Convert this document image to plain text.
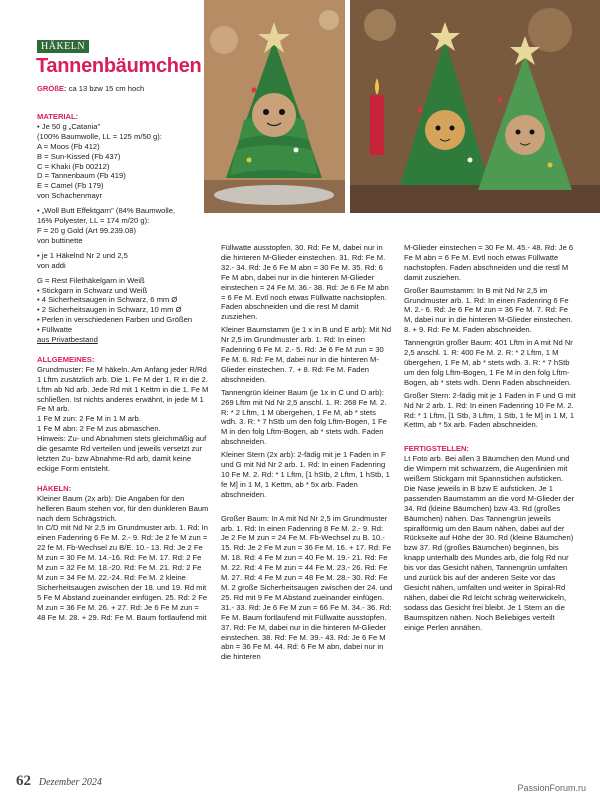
HÄKELN
Tannenbäumchen
GRÖßE: ca 13 bzw 15 cm hoch
MATERIAL:

• Je 50 g „Catania"

(100% Baumwolle, LL = 125 m/50 g):

A = Moos (Fb 412)

B = Sun-Kissed (Fb 437)

C = Khaki (Fb 00212)

D = Tannenbaum (Fb 419)

E = Camel (Fb 179)

von Schachenmayr

• „Woll Butt Effektgarn" (84% Baumwolle,

16% Polyester, LL = 174 m/20 g):

F = 20 g Gold (Art 99.239.08)

von buttinette

• je 1 Häkelnd Nr 2 und 2,5

von addi

G = Rest Filethäkelgarn in Weiß

• Stickgarn in Schwarz und Weiß

• 4 Sicherheitsaugen in Schwarz, 6 mm Ø

• 2 Sicherheitsaugen in Schwarz, 10 mm Ø

• Perlen in verschiedenen Farben und Größen

• Füllwatte

aus Privatbestand

ALLGEMEINES:

Grundmuster: Fe M häkeln. Am Anfang jeder R/Rd 1 Lftm zusätzlich arb. Die 1. Fe M der 1. R in die 2. Lftm ab Nd arb. Jede Rd mit 1 Kettm in die 1. Fe M schließen. Ist nichts anderes erwähnt, in jede M 1 Fe M arb.

1 Fe M zun: 2 Fe M in 1 M arb.

1 Fe M abn: 2 Fe M zus abmaschen.

Hinweis: Zu- und Abnahmen stets gleichmäßig auf die gesamte Rd verteilen und jeweils versetzt zur letzten Zu- bzw Abnahme-Rd arb, damit keine eckige Form entsteht.

HÄKELN:

Kleiner Baum (2x arb): Die Angaben für den helleren Baum stehen vor, für den dunkleren Baum nach dem Schrägstrich.

In C/D mit Nd Nr 2,5 im Grundmuster arb. 1. Rd: In einen Fadenring 6 Fe M. 2.- 9. Rd: Je 2 fe M zun = 22 fe M. Fb-Wechsel zu B/E. 10.- 13. Rd: Je 2 Fe M zun = 30 Fe M. 14.-16. Rd: Fe M. 17. Rd: 2 Fe M zun = 32 Fe M. 18.-20. Rd: Fe M. 21. Rd: 2 Fe M zun = 34 Fe M. 22.-24. Rd: Fe M. 2 kleine Sicherheitsaugen zwischen der 18. und 19. Rd mit 5 Fe M Abstand zueinander einfügen. 25. Rd: 2 Fe M zun = 36 Fe M. 26. + 27. Rd: Je 6 Fe M zun = 48 Fe M. 28. + 29. Rd: Fe M. Baum fortlaufend mit

Füllwatte ausstopfen. 30. Rd: Fe M, dabei nur in die hinteren M-Glieder einstechen. 31. Rd: Fe M. 32.- 34. Rd: Je 6 Fe M abn = 30 Fe M. 35. Rd: 6 Fe M abn, dabei nur in die hinteren M-Glieder einstechen = 24 Fe M. 36.- 38. Rd: Je 6 Fe M abn = 6 Fe M. Evtl noch etwas Füllwatte nachstopfen. Faden abschneiden und die rest M damit zusziehen.

Kleiner Baumstamm (je 1 x in B und E arb): Mit Nd Nr 2,5 im Grundmuster arb. 1. Rd: In einen Fadenring 6 Fe M. 2.- 5. Rd: Je 6 Fe M zun = 30 Fe M. 6. Rd: Fe M, dabei nur in die hinteren M-Glieder einstechen. 7. + 8. Rd: Fe M. Faden abschneiden.

Tannengrün kleiner Baum (je 1x in C und D arb): 269 Lftm mit Nd Nr 2,5 anschl. 1. R: 268 Fe M. 2. R: * 2 Lftm, 1 M übergehen, 1 Fe M, ab * stets wdh. 3. R: * 7 hStb um den folg Lftm-Bogen, 1 Fe M in den folg Lftm-Bogen, ab * stets wdh. Faden abschneiden.

Kleiner Stern (2x arb): 2-fädig mit je 1 Faden in F und G mit Nd Nr 2 arb. 1. Rd: In einen Fadenring 10 Fe M. 2. Rd: * 1 Lftm, [1 hStb, 2 Lftm, 1 hStb, 1 fe M] in 1 M, 1 Kettm, ab * 5x arb. Faden abschneiden.

Großer Baum: In A mit Nd Nr 2,5 im Grundmuster arb. 1. Rd: In einen Fadenring 8 Fe M. 2.- 9. Rd: Je 2 Fe M zun = 24 Fe M. Fb-Wechsel zu B. 10.- 15. Rd: Je 2 Fe M zun = 36 Fe M. 16. + 17. Rd: Fe M. 18. Rd: 4 Fe M zun = 40 Fe M. 19.- 21. Rd: Fe M. 22. Rd: 4 Fe M zun = 44 Fe M. 23.- 26. Rd: Fe M. 27. Rd: 4 Fe M zun = 48 Fe M. 28.- 30. Rd: Fe M. 2 große Sicherheitsaugen zwischen der 24. und 25. Rd mit 9 Fe M Abstand zueinander einfügen. 31.- 33. Rd: Je 6 Fe M zun = 66 Fe M. 34.- 36. Rd: Fe M. Baum fortlaufend mit Füllwatte ausstopfen. 37. Rd: Fe M, dabei nur in die hinteren M-Glieder einstechen. 38. Rd: Fe M. 39.- 43. Rd: Je 6 Fe M abn = 36 Fe M. 44. Rd: 6 Fe M abn, dabei nur in die hinteren

M-Glieder einstechen = 30 Fe M. 45.- 48. Rd: Je 6 Fe M abn = 6 Fe M. Evtl noch etwas Füllwatte nachstopfen. Faden abschneiden und die restl M damit zusziehen.

Großer Baumstamm: In B mit Nd Nr 2,5 im Grundmuster arb. 1. Rd: In einen Fadenring 6 Fe M. 2.- 6. Rd: Je 6 Fe M zun = 36 Fe M. 7. Rd: Fe M, dabei nur in die hinteren M-Glieder einstechen. 8. + 9. Rd: Fe M. Faden abschneiden.

Tannengrün großer Baum: 401 Lftm in A mit Nd Nr 2,5 anschl. 1. R: 400 Fe M. 2. R: * 2 Lftm, 1 M übergehen, 1 Fe M, ab * stets wdh. 3. R: * 7 hStb um den folg Lftm-Bogen, 1 Fe M in den folg Lftm-Bogen, ab * stets wdh. Denn Faden abschneiden.

Großer Stern: 2-fädig mit je 1 Faden in F und G mit Nd Nr 2 arb. 1. Rd: In einen Fadenring 10 Fe M. 2. Rd: * 1 Lftm, [1 Stb, 3 Lftm, 1 Stb, 1 fe M] in 1 M, 1 Kettm, ab * 5x arb. Faden abschneiden.

FERTIGSTELLEN:

Lt Foto arb. Bei allen 3 Bäumchen den Mund und die Wimpern mit schwarzem, die Augenlinien mit weißem Stickgarn mit Spannstichen aufsticken. Die Nase jeweils in B bzw E aufsticken. Je 1 passenden Baumstamm an die vord M-Glieder der 34. Rd (kleine Bäumchen) bzw 43. Rd (großes Bäumchen) nähen. Das Tannengrün jeweils spiralförmig um den Baum nähen, dabei auf der Rückseite auf Höhe der 30. Rd (kleine Bäumchen) bzw 37. Rd (großes Bäumchen) beginnen, bis knapp unterhalb des Mundes arb, die folg Rd nur bis vor das Gesicht nähen, Tannengrün umfalten und zurück bis auf der anderen Seite vor das Gesicht nähen, umfalten und weiter in Spiral-Rd nähen, dabei die Rd leicht schräg weiterwickeln, sodass das Gesicht frei bleibt. Je 1 Stern an die Baumspitzen nähen. Noch Beliebiges verteilt einige Perlen annähen.

62 Dezember 2024	PassionForum.ru
